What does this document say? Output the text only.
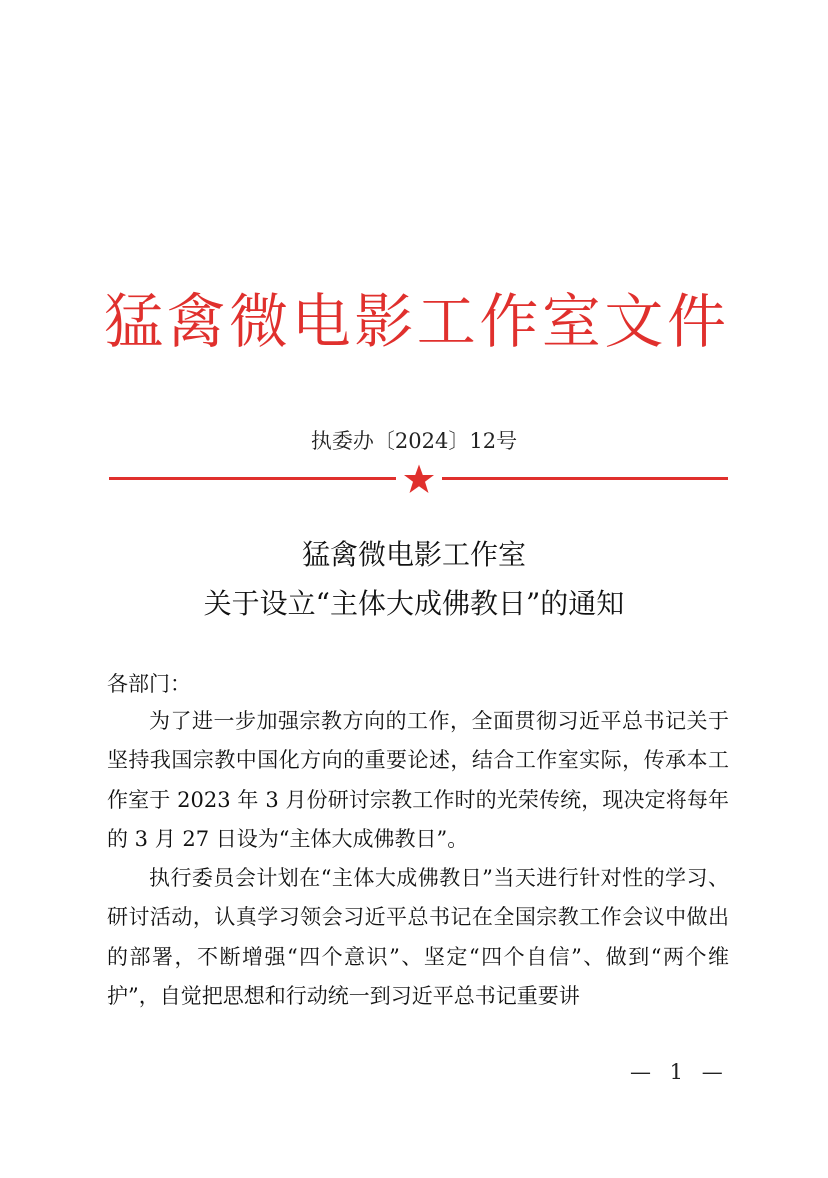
猛禽微电影工作室文件
执委办〔2024〕12号
猛禽微电影工作室
关于设立“主体大成佛教日”的通知
各部门：

为了进一步加强宗教方向的工作，全面贯彻习近平总书记关于坚持我国宗教中国化方向的重要论述，结合工作室实际，传承本工作室于 2023 年 3 月份研讨宗教工作时的光荣传统，现决定将每年的 3 月 27 日设为“主体大成佛教日”。

执行委员会计划在“主体大成佛教日”当天进行针对性的学习、研讨活动，认真学习领会习近平总书记在全国宗教工作会议中做出的部署，不断增强“四个意识”、坚定“四个自信”、做到“两个维护”，自觉把思想和行动统一到习近平总书记重要讲

— 1 —
